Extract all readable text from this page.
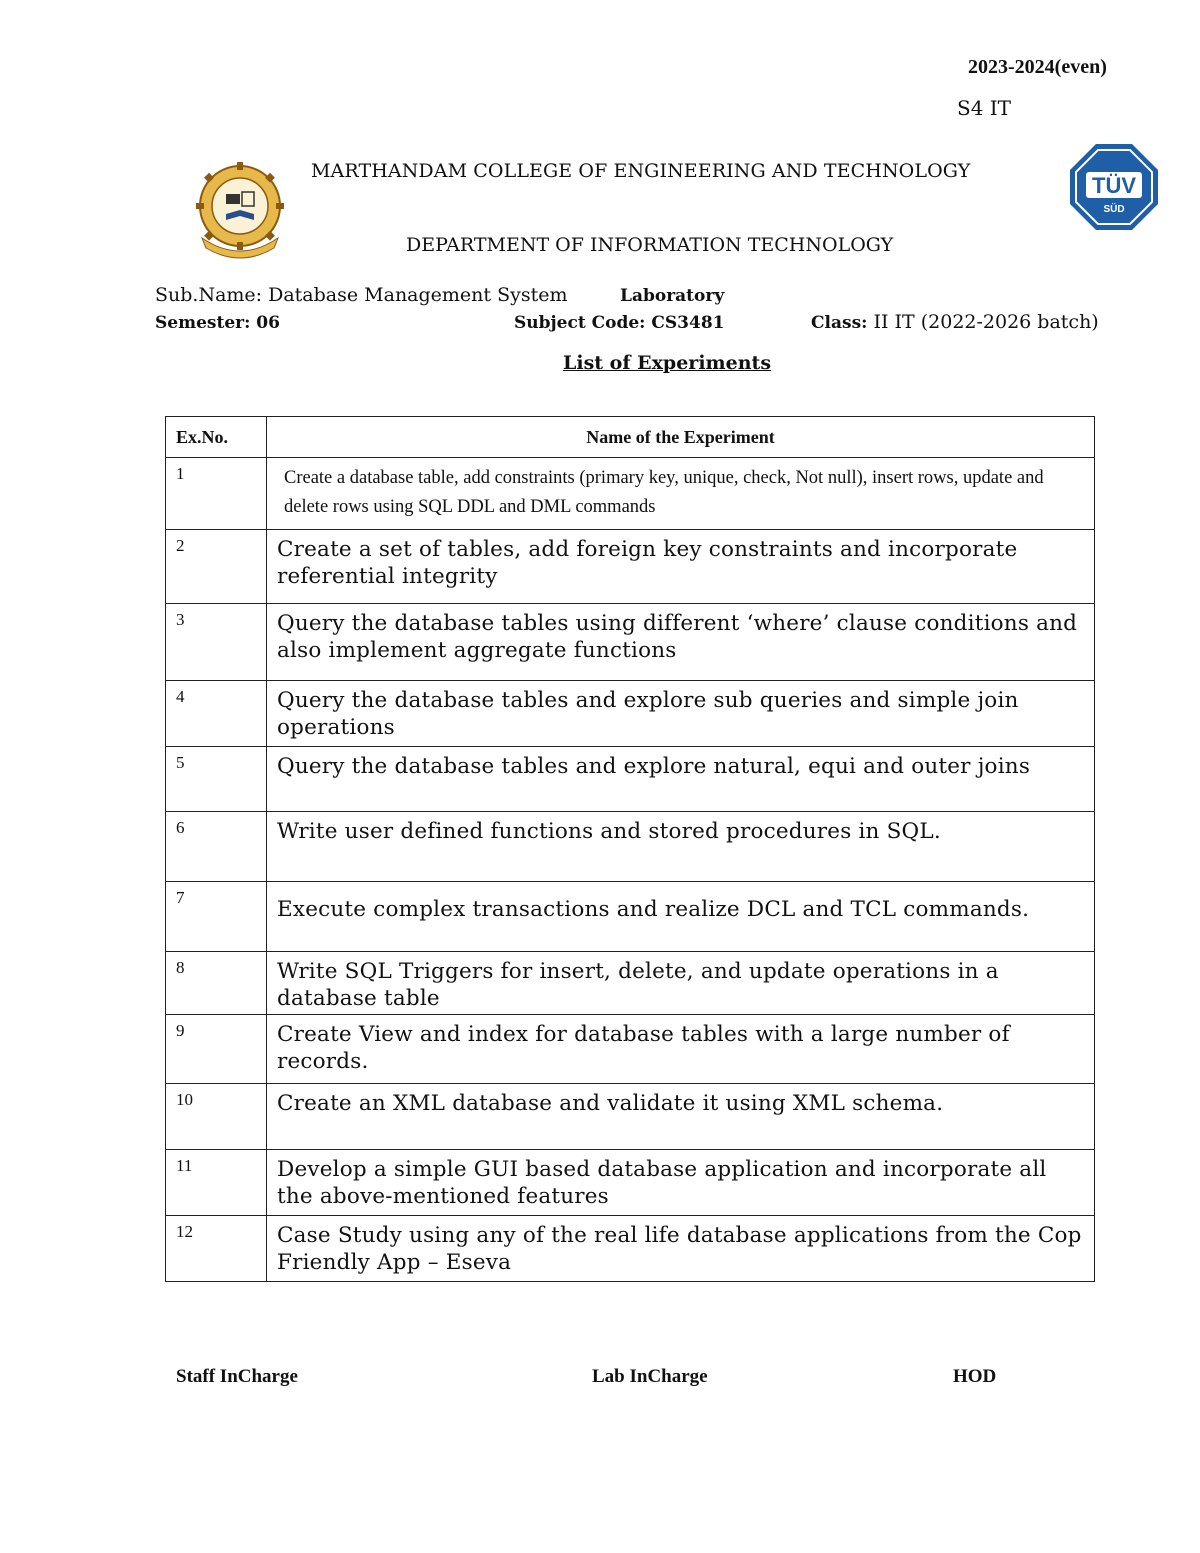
2023-2024(even)
S4 IT
MARTHANDAM COLLEGE OF ENGINEERING AND TECHNOLOGY
TÜV
SÜD
DEPARTMENT OF INFORMATION TECHNOLOGY
Sub.Name: Database Management System	Laboratory
Semester: 06	Subject Code: CS3481	Class: II IT (2022-2026 batch)
List of Experiments
Ex.No.	Name of the Experiment
1	Create a database table, add constraints (primary key, unique, check, Not null), insert rows, update and delete rows using SQL DDL and DML commands
2	Create a set of tables, add foreign key constraints and incorporate referential integrity
3	Query the database tables using different ‘where’ clause conditions and also implement aggregate functions
4	Query the database tables and explore sub queries and simple join operations
5	Query the database tables and explore natural, equi and outer joins
6	Write user defined functions and stored procedures in SQL.
7	Execute complex transactions and realize DCL and TCL commands.
8	Write SQL Triggers for insert, delete, and update operations in a database table
9	Create View and index for database tables with a large number of records.
10	Create an XML database and validate it using XML schema.
11	Develop a simple GUI based database application and incorporate all the above-mentioned features
12	Case Study using any of the real life database applications from the Cop Friendly App – Eseva
Staff InCharge	Lab InCharge	HOD
